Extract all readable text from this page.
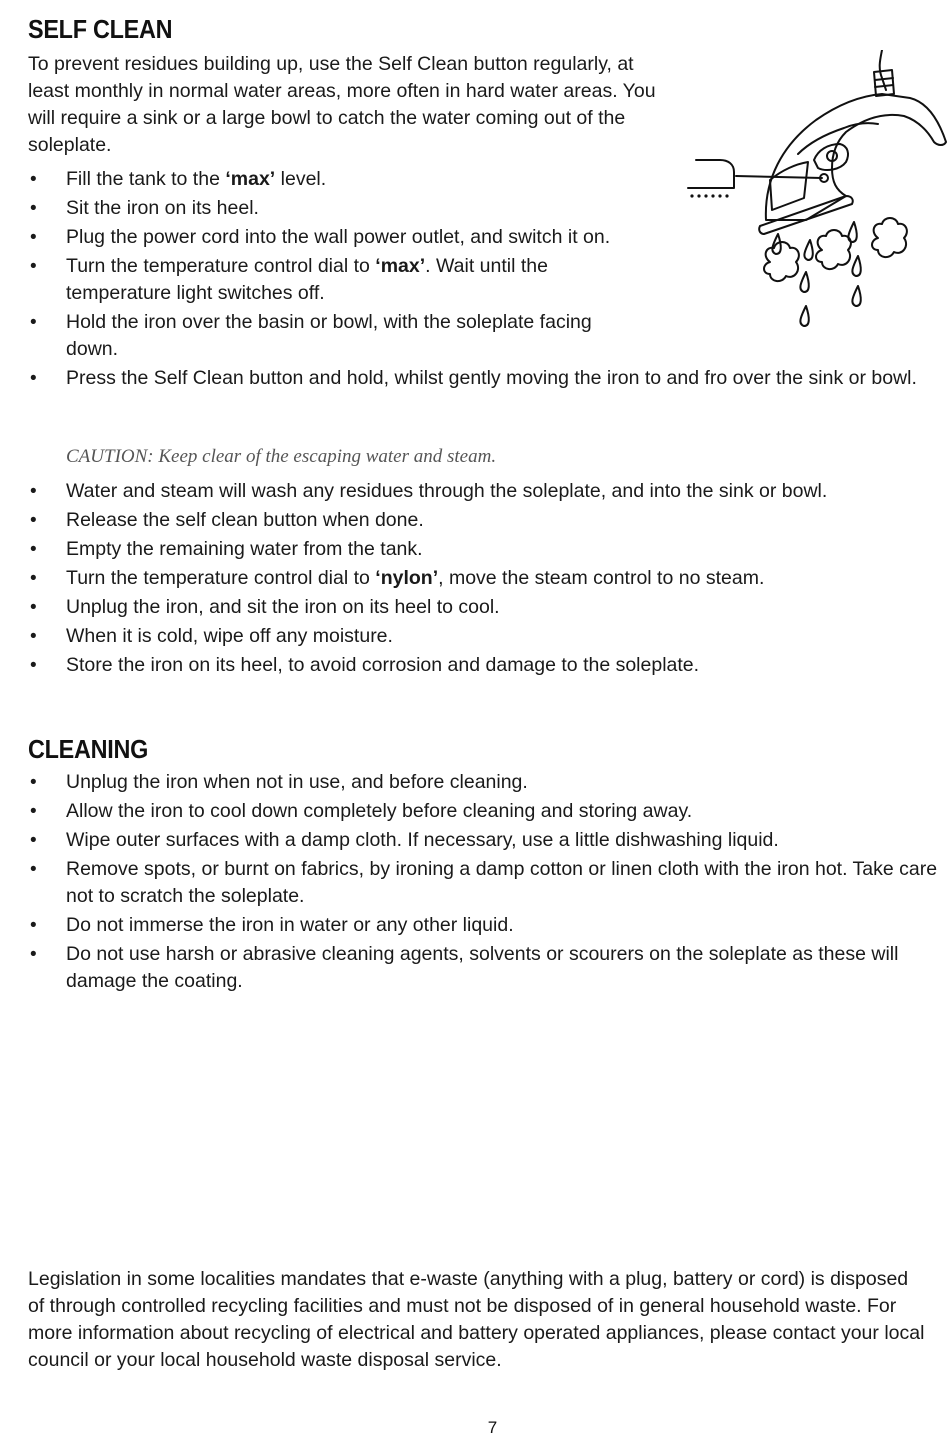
SELF CLEAN

To prevent residues building up, use the Self Clean button regularly, at least monthly in normal water areas, more often in hard water areas. You will require a sink or a large bowl to catch the water coming out of the soleplate.

• Fill the tank to the ‘max’ level.
• Sit the iron on its heel.
• Plug the power cord into the wall power outlet, and switch it on.
• Turn the temperature control dial to ‘max’. Wait until the temperature light switches off.
• Hold the iron over the basin or bowl, with the soleplate facing down.
• Press the Self Clean button and hold, whilst gently moving the iron to and fro over the sink or bowl.

CAUTION: Keep clear of the escaping water and steam.

• Water and steam will wash any residues through the soleplate, and into the sink or bowl.
• Release the self clean button when done.
• Empty the remaining water from the tank.
• Turn the temperature control dial to ‘nylon’, move the steam control to no steam.
• Unplug the iron, and sit the iron on its heel to cool.
• When it is cold, wipe off any moisture.
• Store the iron on its heel, to avoid corrosion and damage to the soleplate.
CLEANING
• Unplug the iron when not in use, and before cleaning.
• Allow the iron to cool down completely before cleaning and storing away.
• Wipe outer surfaces with a damp cloth. If necessary, use a little dishwashing liquid.
• Remove spots, or burnt on fabrics, by ironing a damp cotton or linen cloth with the iron hot. Take care not to scratch the soleplate.
• Do not immerse the iron in water or any other liquid.
• Do not use harsh or abrasive cleaning agents, solvents or scourers on the soleplate as these will damage the coating.

Legislation in some localities mandates that e-waste (anything with a plug, battery or cord) is disposed of through controlled recycling facilities and must not be disposed of in general household waste. For more information about recycling of electrical and battery operated appliances, please contact your local council or your local household waste disposal service.

7
